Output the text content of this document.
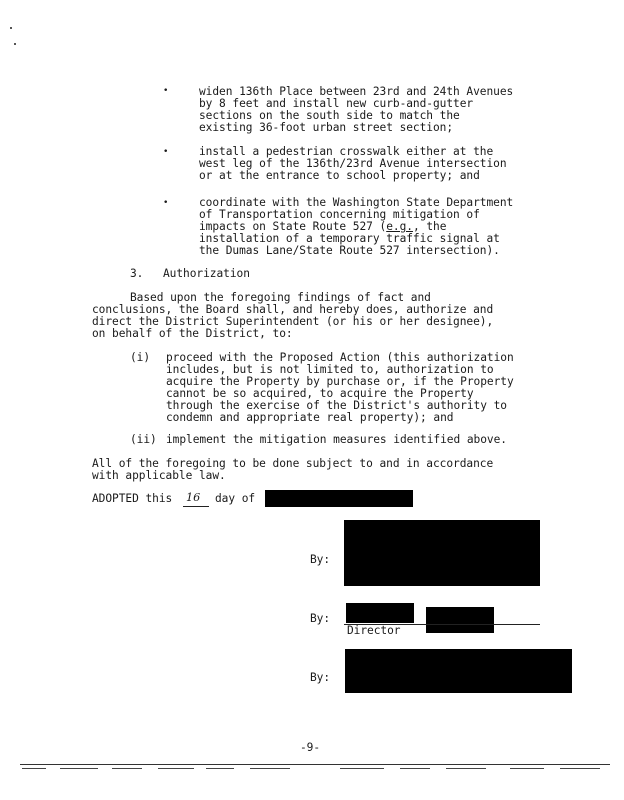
•	widen 136th Place between 23rd and 24th Avenues
by 8 feet and install new curb-and-gutter
sections on the south side to match the
existing 36-foot urban street section;
•	install a pedestrian crosswalk either at the
west leg of the 136th/23rd Avenue intersection
or at the entrance to school property; and
•	coordinate with the Washington State Department
of Transportation concerning mitigation of
impacts on State Route 527 (e.g., the
installation of a temporary traffic signal at
the Dumas Lane/State Route 527 intersection).
3. Authorization
Based upon the foregoing findings of fact and
conclusions, the Board shall, and hereby does, authorize and
direct the District Superintendent (or his or her designee),
on behalf of the District, to:
(i) proceed with the Proposed Action (this authorization
includes, but is not limited to, authorization to
acquire the Property by purchase or, if the Property
cannot be so acquired, to acquire the Property
through the exercise of the District's authority to
condemn and appropriate real property); and
(ii) implement the mitigation measures identified above.
All of the foregoing to be done subject to and in accordance
with applicable law.
ADOPTED this 16 day of
By:
By:
Director
By:
-9-
